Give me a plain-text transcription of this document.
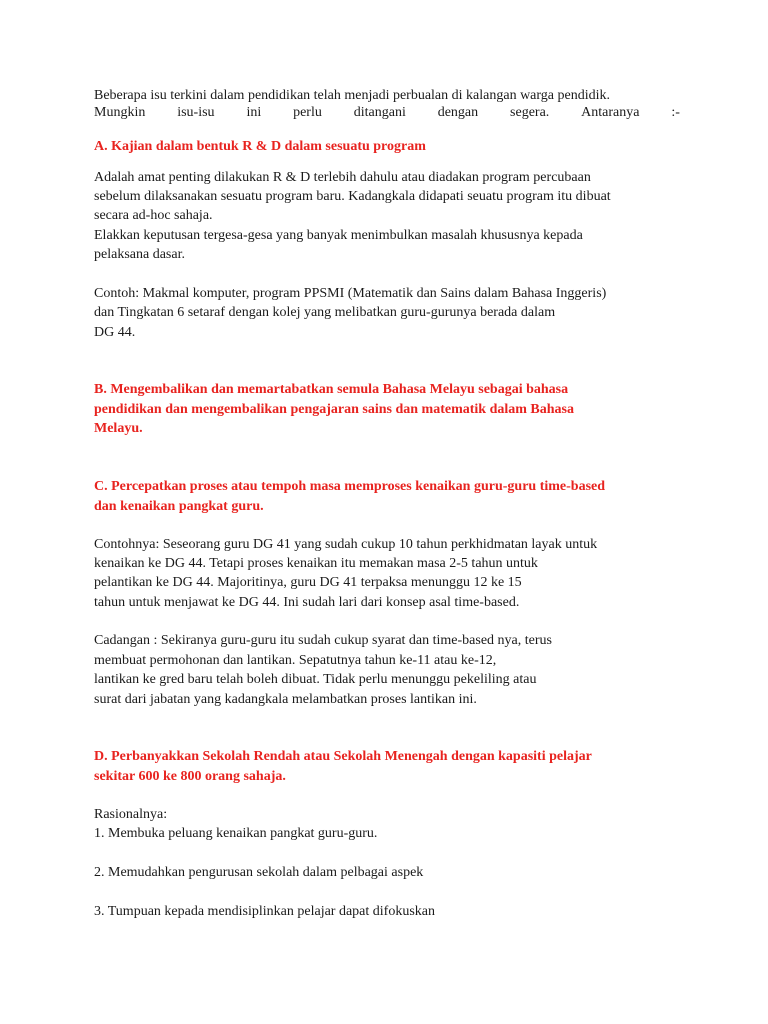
Beberapa isu terkini dalam pendidikan telah menjadi perbualan di kalangan warga pendidik.
Mungkin isu-isu ini perlu ditangani dengan segera. Antaranya :-
A. Kajian dalam bentuk R & D dalam sesuatu program
Adalah amat penting dilakukan R & D terlebih dahulu atau diadakan program percubaan
sebelum dilaksanakan sesuatu program baru. Kadangkala didapati seuatu program itu dibuat
secara ad-hoc sahaja.
Elakkan keputusan tergesa-gesa yang banyak menimbulkan masalah khususnya kepada
pelaksana dasar.
Contoh: Makmal komputer, program PPSMI (Matematik dan Sains dalam Bahasa Inggeris)
dan Tingkatan 6 setaraf dengan kolej yang melibatkan guru-gurunya berada dalam
DG 44.
B. Mengembalikan dan memartabatkan semula Bahasa Melayu sebagai bahasa
pendidikan dan mengembalikan pengajaran sains dan matematik dalam Bahasa
Melayu.
C. Percepatkan proses atau tempoh masa memproses kenaikan guru-guru time-based
dan kenaikan pangkat guru.
Contohnya: Seseorang guru DG 41 yang sudah cukup 10 tahun perkhidmatan layak untuk
kenaikan ke DG 44. Tetapi proses kenaikan itu memakan masa 2-5 tahun untuk
pelantikan ke DG 44. Majoritinya, guru DG 41 terpaksa menunggu 12 ke 15
tahun untuk menjawat ke DG 44. Ini sudah lari dari konsep asal time-based.
Cadangan : Sekiranya guru-guru itu sudah cukup syarat dan time-based nya, terus
membuat permohonan dan lantikan. Sepatutnya tahun ke-11 atau ke-12,
lantikan ke gred baru telah boleh dibuat. Tidak perlu menunggu pekeliling atau
surat dari jabatan yang kadangkala melambatkan proses lantikan ini.
D. Perbanyakkan Sekolah Rendah atau Sekolah Menengah dengan kapasiti pelajar
sekitar 600 ke 800 orang sahaja.
Rasionalnya:
1. Membuka peluang kenaikan pangkat guru-guru.
2. Memudahkan pengurusan sekolah dalam pelbagai aspek
3. Tumpuan kepada mendisiplinkan pelajar dapat difokuskan
